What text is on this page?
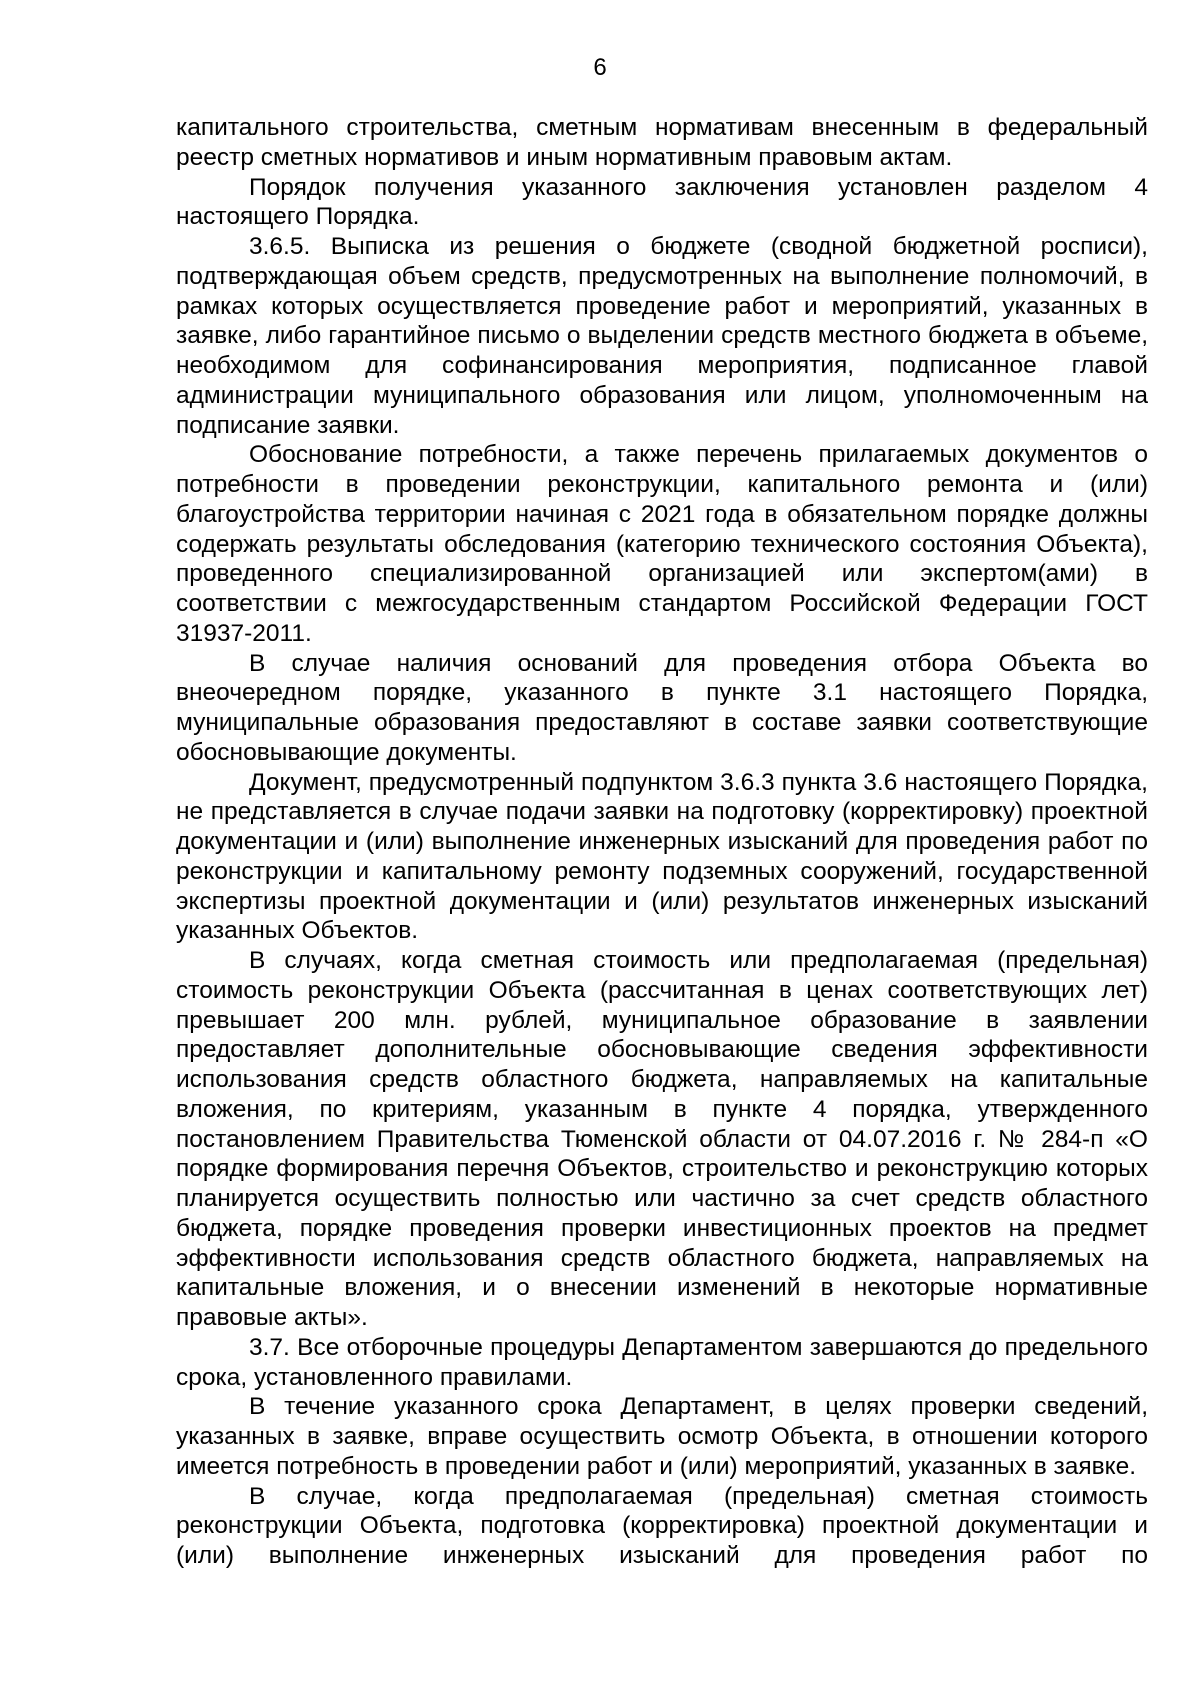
6

капитального строительства, сметным нормативам внесенным в федеральный реестр сметных нормативов и иным нормативным правовым актам.

Порядок получения указанного заключения установлен разделом 4 настоящего Порядка.

3.6.5. Выписка из решения о бюджете (сводной бюджетной росписи), подтверждающая объем средств, предусмотренных на выполнение полномочий, в рамках которых осуществляется проведение работ и мероприятий, указанных в заявке, либо гарантийное письмо о выделении средств местного бюджета в объеме, необходимом для софинансирования мероприятия, подписанное главой администрации муниципального образования или лицом, уполномоченным на подписание заявки.

Обоснование потребности, а также перечень прилагаемых документов о потребности в проведении реконструкции, капитального ремонта и (или) благоустройства территории начиная с 2021 года в обязательном порядке должны содержать результаты обследования (категорию технического состояния Объекта), проведенного специализированной организацией или экспертом(ами) в соответствии с межгосударственным стандартом Российской Федерации ГОСТ 31937-2011.

В случае наличия оснований для проведения отбора Объекта во внеочередном порядке, указанного в пункте 3.1 настоящего Порядка, муниципальные образования предоставляют в составе заявки соответствующие обосновывающие документы.

Документ, предусмотренный подпунктом 3.6.3 пункта 3.6 настоящего Порядка, не представляется в случае подачи заявки на подготовку (корректировку) проектной документации и (или) выполнение инженерных изысканий для проведения работ по реконструкции и капитальному ремонту подземных сооружений, государственной экспертизы проектной документации и (или) результатов инженерных изысканий указанных Объектов.

В случаях, когда сметная стоимость или предполагаемая (предельная) стоимость реконструкции Объекта (рассчитанная в ценах соответствующих лет) превышает 200 млн. рублей, муниципальное образование в заявлении предоставляет дополнительные обосновывающие сведения эффективности использования средств областного бюджета, направляемых на капитальные вложения, по критериям, указанным в пункте 4 порядка, утвержденного постановлением Правительства Тюменской области от 04.07.2016 г. № 284-п «О порядке формирования перечня Объектов, строительство и реконструкцию которых планируется осуществить полностью или частично за счет средств областного бюджета, порядке проведения проверки инвестиционных проектов на предмет эффективности использования средств областного бюджета, направляемых на капитальные вложения, и о внесении изменений в некоторые нормативные правовые акты».

3.7. Все отборочные процедуры Департаментом завершаются до предельного срока, установленного правилами.

В течение указанного срока Департамент, в целях проверки сведений, указанных в заявке, вправе осуществить осмотр Объекта, в отношении которого имеется потребность в проведении работ и (или) мероприятий, указанных в заявке.

В случае, когда предполагаемая (предельная) сметная стоимость реконструкции Объекта, подготовка (корректировка) проектной документации и (или) выполнение инженерных изысканий для проведения работ по
